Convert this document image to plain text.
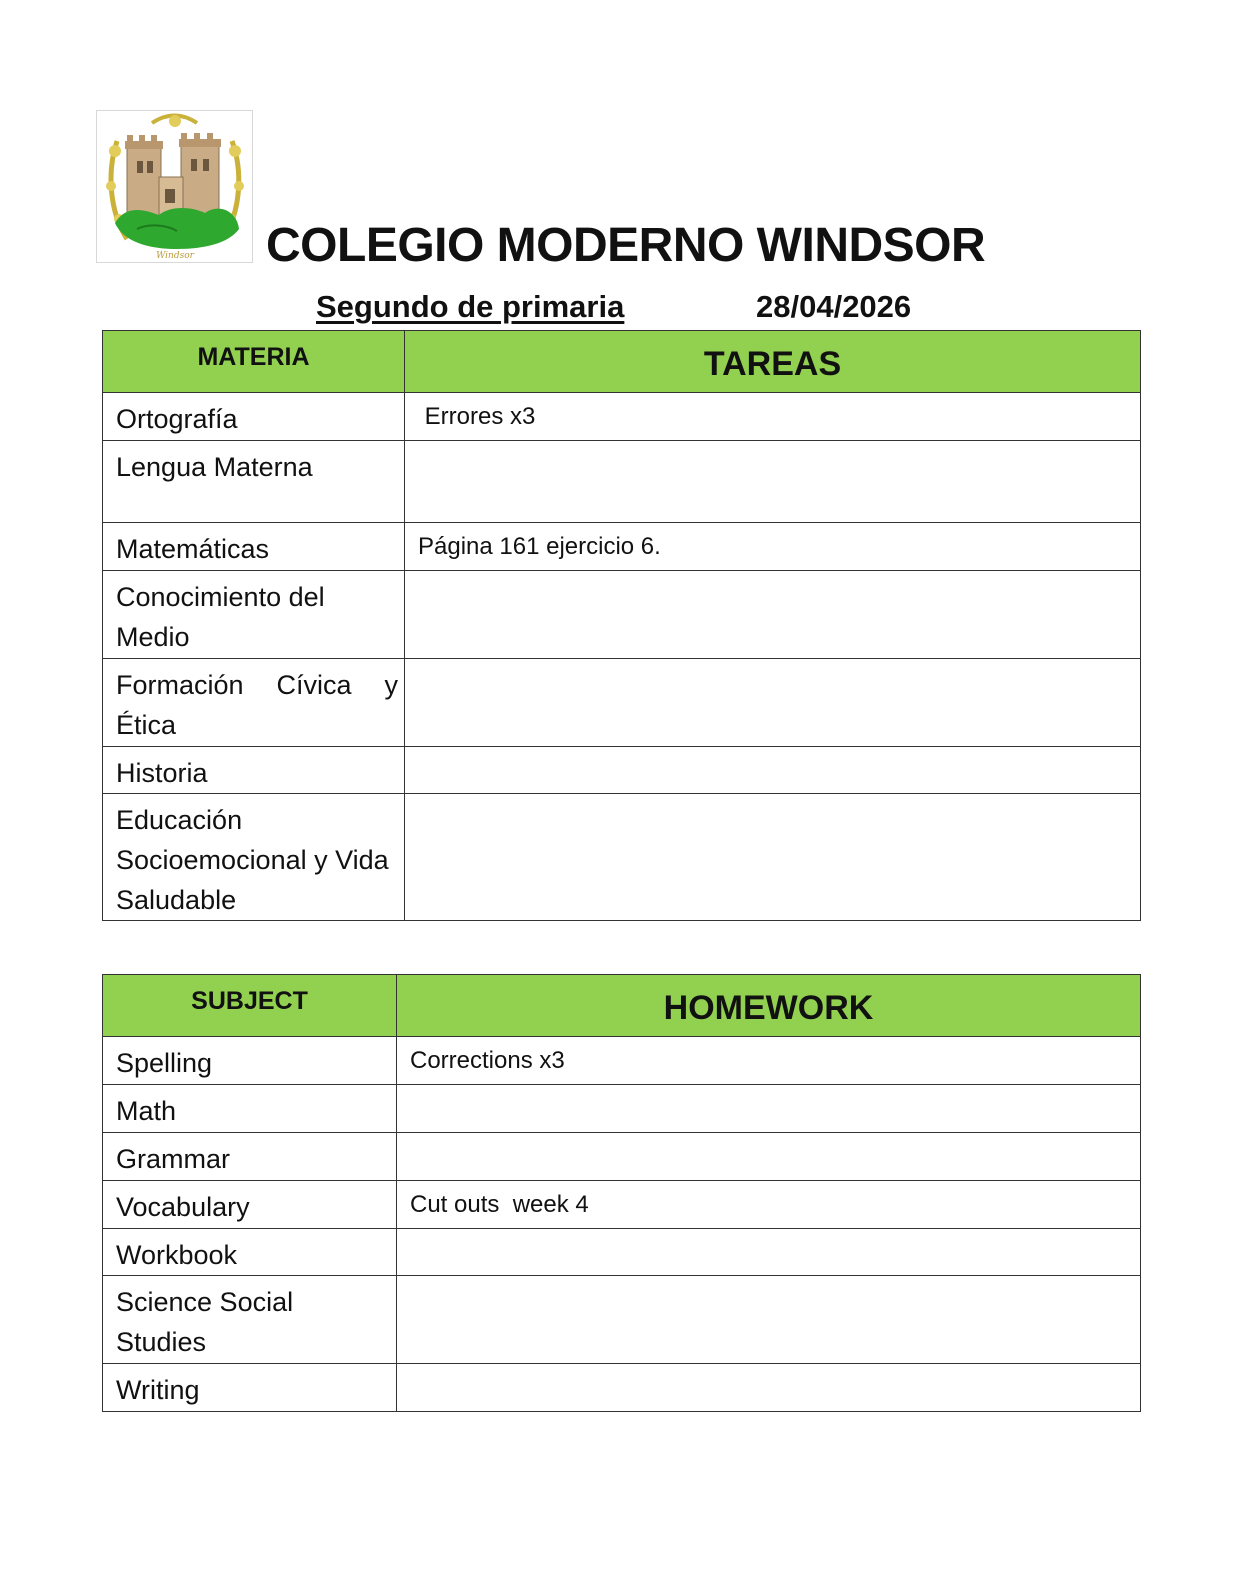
Windsor COLEGIO MODERNO WINDSOR
Segundo de primaria	28/04/2026
MATERIA	TAREAS
Ortografía	Errores x3
Lengua Materna	
Matemáticas	Página 161 ejercicio 6.
Conocimiento del Medio	
Formación Cívica y Ética	
Historia	
Educación Socioemocional y Vida Saludable	
SUBJECT	HOMEWORK
Spelling	Corrections x3
Math	
Grammar	
Vocabulary	Cut outs  week 4
Workbook	
Science Social Studies	
Writing	
